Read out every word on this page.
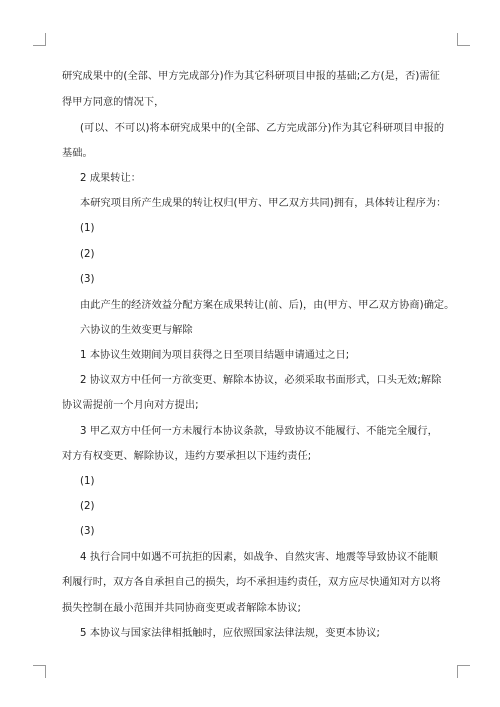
研究成果中的(全部、甲方完成部分)作为其它科研项目申报的基础;乙方(是，否)需征
得甲方同意的情况下，
(可以、不可以)将本研究成果中的(全部、乙方完成部分)作为其它科研项目申报的
基础。
2 成果转让：
本研究项目所产生成果的转让权归(甲方、甲乙双方共同)拥有，具体转让程序为：
(1)
(2)
(3)
由此产生的经济效益分配方案在成果转让(前、后)，由(甲方、甲乙双方协商)确定。
六协议的生效变更与解除
1 本协议生效期间为项目获得之日至项目结题申请通过之日;
2 协议双方中任何一方欲变更、解除本协议，必须采取书面形式，口头无效;解除
协议需提前一个月向对方提出;
3 甲乙双方中任何一方未履行本协议条款，导致协议不能履行、不能完全履行，
对方有权变更、解除协议，违约方要承担以下违约责任;
(1)
(2)
(3)
4 执行合同中如遇不可抗拒的因素，如战争、自然灾害、地震等导致协议不能顺
利履行时，双方各自承担自己的损失，均不承担违约责任，双方应尽快通知对方以将
损失控制在最小范围并共同协商变更或者解除本协议;
5 本协议与国家法律相抵触时，应依照国家法律法规，变更本协议;
